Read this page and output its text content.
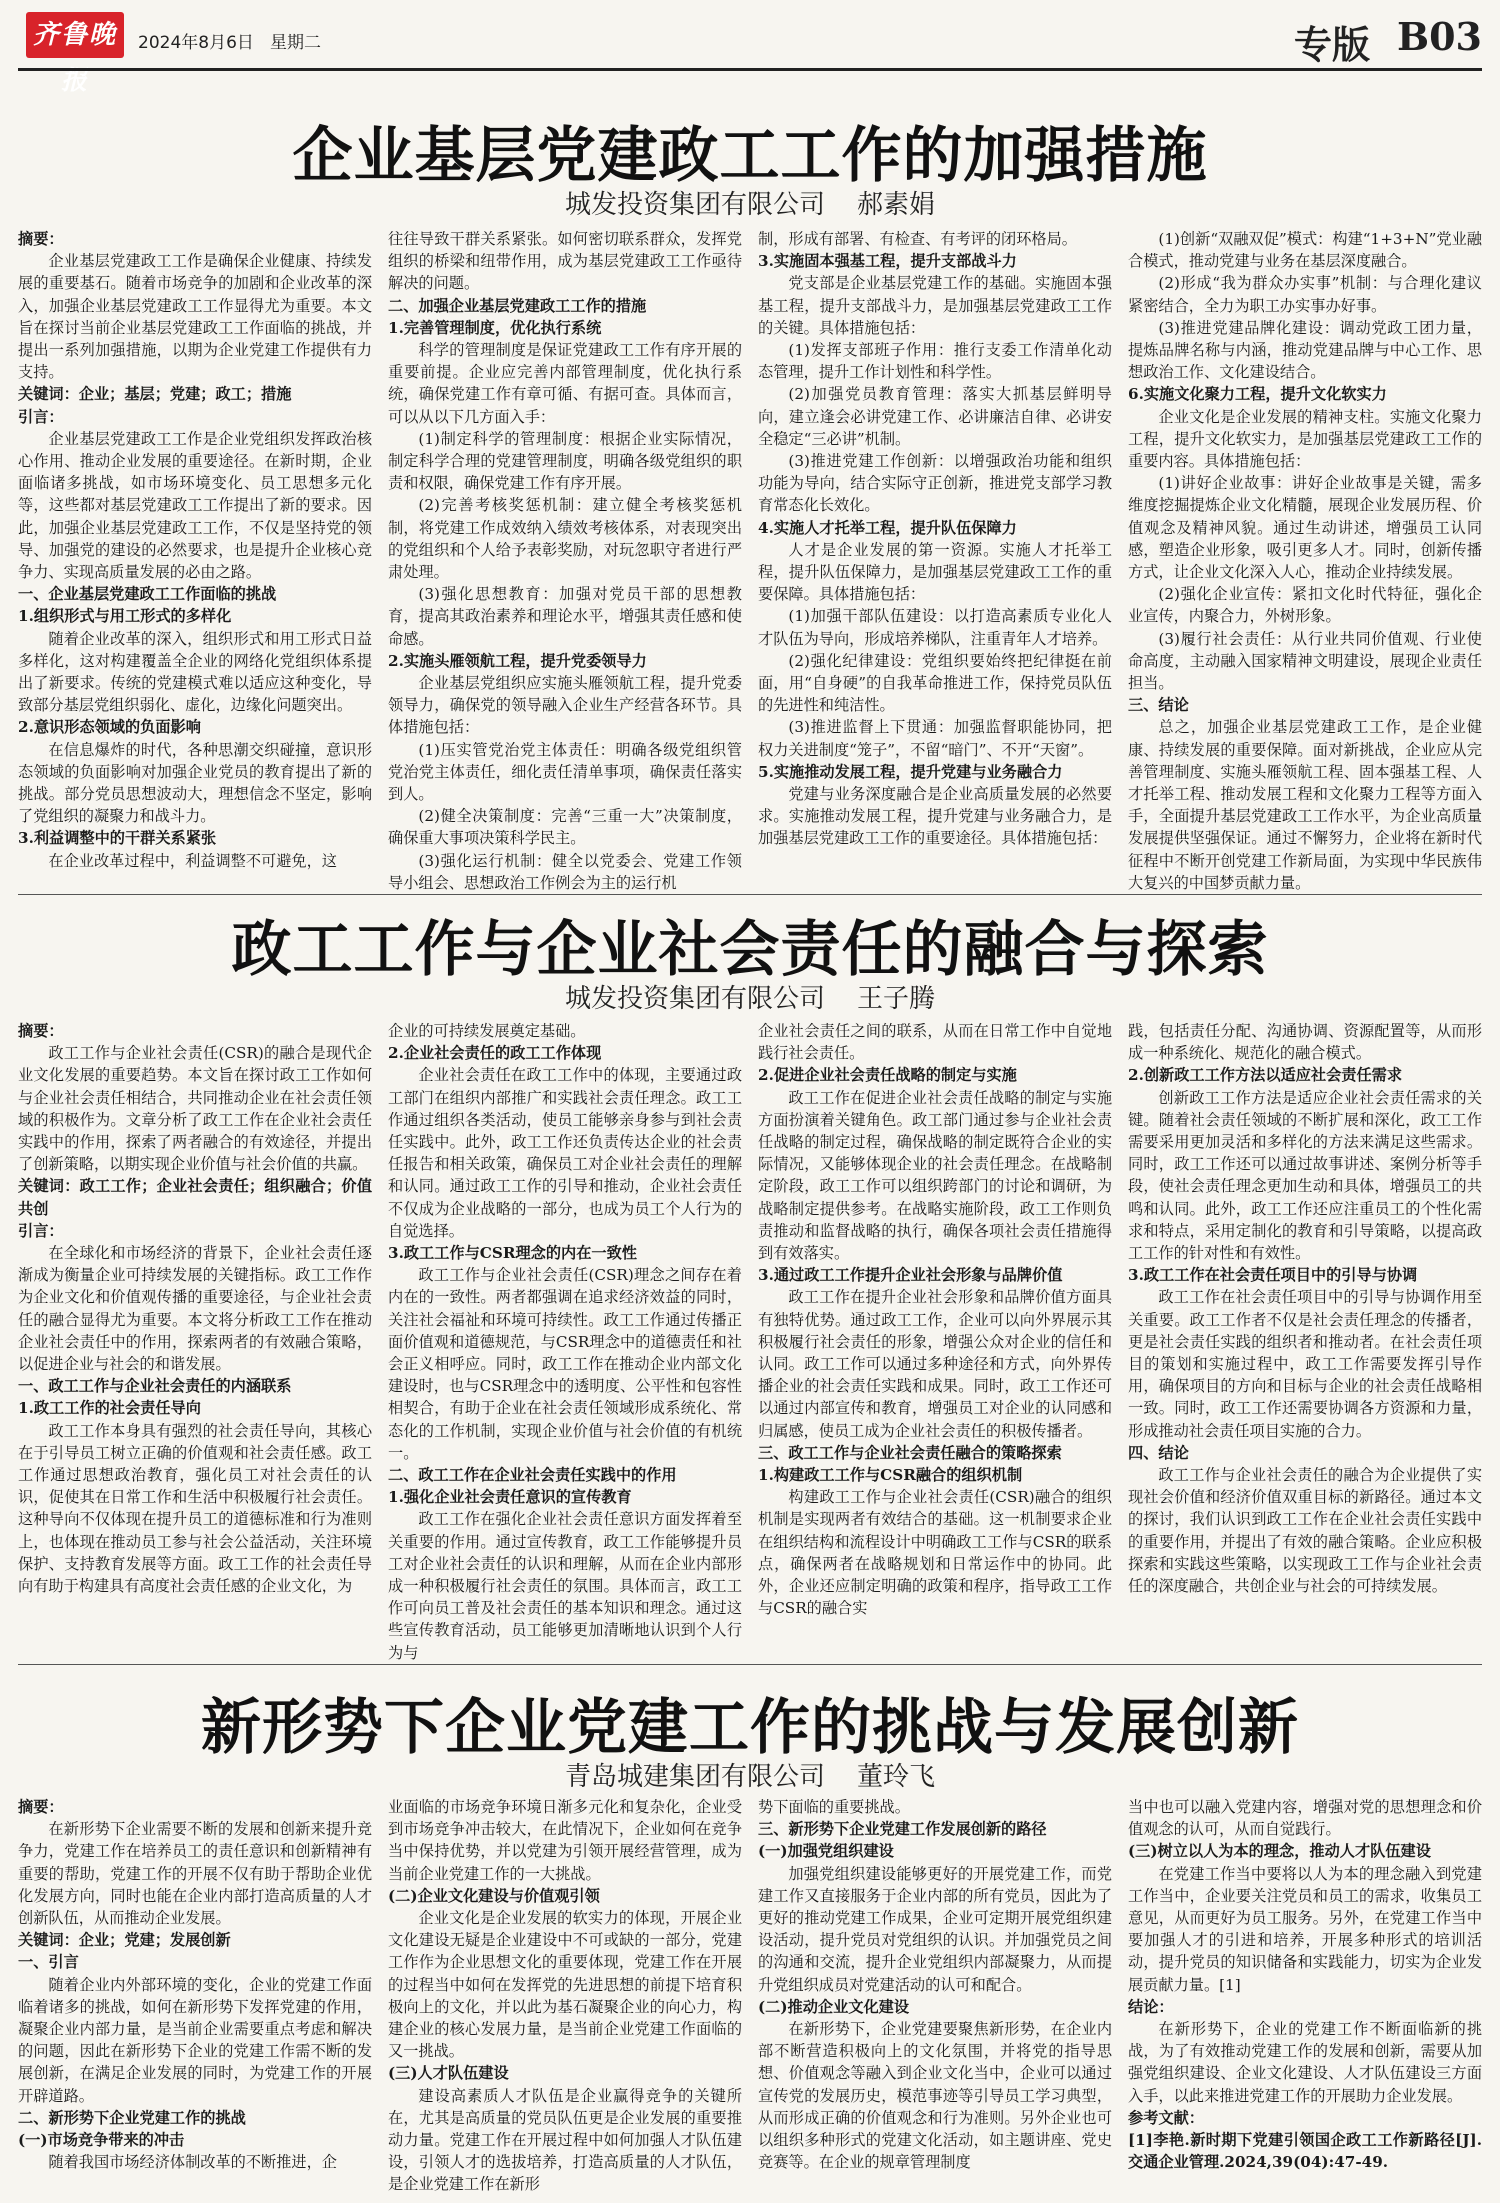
齐鲁晚报
2024年8月6日 星期二	专版 B03
企业基层党建政工工作的加强措施
城发投资集团有限公司 郝素娟

摘要：

企业基层党建政工工作是确保企业健康、持续发展的重要基石。随着市场竞争的加剧和企业改革的深入，加强企业基层党建政工工作显得尤为重要。本文旨在探讨当前企业基层党建政工工作面临的挑战，并提出一系列加强措施，以期为企业党建工作提供有力支持。

关键词：企业；基层；党建；政工；措施

引言：

企业基层党建政工工作是企业党组织发挥政治核心作用、推动企业发展的重要途径。在新时期，企业面临诸多挑战，如市场环境变化、员工思想多元化等，这些都对基层党建政工工作提出了新的要求。因此，加强企业基层党建政工工作，不仅是坚持党的领导、加强党的建设的必然要求，也是提升企业核心竞争力、实现高质量发展的必由之路。

一、企业基层党建政工工作面临的挑战

1.组织形式与用工形式的多样化

随着企业改革的深入，组织形式和用工形式日益多样化，这对构建覆盖全企业的网络化党组织体系提出了新要求。传统的党建模式难以适应这种变化，导致部分基层党组织弱化、虚化，边缘化问题突出。

2.意识形态领域的负面影响

在信息爆炸的时代，各种思潮交织碰撞，意识形态领域的负面影响对加强企业党员的教育提出了新的挑战。部分党员思想波动大，理想信念不坚定，影响了党组织的凝聚力和战斗力。

3.利益调整中的干群关系紧张

在企业改革过程中，利益调整不可避免，这

往往导致干群关系紧张。如何密切联系群众，发挥党组织的桥梁和纽带作用，成为基层党建政工工作亟待解决的问题。

二、加强企业基层党建政工工作的措施

1.完善管理制度，优化执行系统

科学的管理制度是保证党建政工工作有序开展的重要前提。企业应完善内部管理制度，优化执行系统，确保党建工作有章可循、有据可查。具体而言，可以从以下几方面入手：

(1)制定科学的管理制度：根据企业实际情况，制定科学合理的党建管理制度，明确各级党组织的职责和权限，确保党建工作有序开展。

(2)完善考核奖惩机制：建立健全考核奖惩机制，将党建工作成效纳入绩效考核体系，对表现突出的党组织和个人给予表彰奖励，对玩忽职守者进行严肃处理。

(3)强化思想教育：加强对党员干部的思想教育，提高其政治素养和理论水平，增强其责任感和使命感。

2.实施头雁领航工程，提升党委领导力

企业基层党组织应实施头雁领航工程，提升党委领导力，确保党的领导融入企业生产经营各环节。具体措施包括：

(1)压实管党治党主体责任：明确各级党组织管党治党主体责任，细化责任清单事项，确保责任落实到人。

(2)健全决策制度：完善“三重一大”决策制度，确保重大事项决策科学民主。

(3)强化运行机制：健全以党委会、党建工作领导小组会、思想政治工作例会为主的运行机

制，形成有部署、有检查、有考评的闭环格局。

3.实施固本强基工程，提升支部战斗力

党支部是企业基层党建工作的基础。实施固本强基工程，提升支部战斗力，是加强基层党建政工工作的关键。具体措施包括：

(1)发挥支部班子作用：推行支委工作清单化动态管理，提升工作计划性和科学性。

(2)加强党员教育管理：落实大抓基层鲜明导向，建立逢会必讲党建工作、必讲廉洁自律、必讲安全稳定“三必讲”机制。

(3)推进党建工作创新：以增强政治功能和组织功能为导向，结合实际守正创新，推进党支部学习教育常态化长效化。

4.实施人才托举工程，提升队伍保障力

人才是企业发展的第一资源。实施人才托举工程，提升队伍保障力，是加强基层党建政工工作的重要保障。具体措施包括：

(1)加强干部队伍建设：以打造高素质专业化人才队伍为导向，形成培养梯队，注重青年人才培养。

(2)强化纪律建设：党组织要始终把纪律挺在前面，用“自身硬”的自我革命推进工作，保持党员队伍的先进性和纯洁性。

(3)推进监督上下贯通：加强监督职能协同，把权力关进制度“笼子”，不留“暗门”、不开“天窗”。

5.实施推动发展工程，提升党建与业务融合力

党建与业务深度融合是企业高质量发展的必然要求。实施推动发展工程，提升党建与业务融合力，是加强基层党建政工工作的重要途径。具体措施包括：

(1)创新“双融双促”模式：构建“1+3+N”党业融合模式，推动党建与业务在基层深度融合。

(2)形成“我为群众办实事”机制：与合理化建议紧密结合，全力为职工办实事办好事。

(3)推进党建品牌化建设：调动党政工团力量，提炼品牌名称与内涵，推动党建品牌与中心工作、思想政治工作、文化建设结合。

6.实施文化聚力工程，提升文化软实力

企业文化是企业发展的精神支柱。实施文化聚力工程，提升文化软实力，是加强基层党建政工工作的重要内容。具体措施包括：

(1)讲好企业故事：讲好企业故事是关键，需多维度挖掘提炼企业文化精髓，展现企业发展历程、价值观念及精神风貌。通过生动讲述，增强员工认同感，塑造企业形象，吸引更多人才。同时，创新传播方式，让企业文化深入人心，推动企业持续发展。

(2)强化企业宣传：紧扣文化时代特征，强化企业宣传，内聚合力，外树形象。

(3)履行社会责任：从行业共同价值观、行业使命高度，主动融入国家精神文明建设，展现企业责任担当。

三、结论

总之，加强企业基层党建政工工作，是企业健康、持续发展的重要保障。面对新挑战，企业应从完善管理制度、实施头雁领航工程、固本强基工程、人才托举工程、推动发展工程和文化聚力工程等方面入手，全面提升基层党建政工工作水平，为企业高质量发展提供坚强保证。通过不懈努力，企业将在新时代征程中不断开创党建工作新局面，为实现中华民族伟大复兴的中国梦贡献力量。

政工工作与企业社会责任的融合与探索
城发投资集团有限公司 王子腾

摘要：

政工工作与企业社会责任(CSR)的融合是现代企业文化发展的重要趋势。本文旨在探讨政工工作如何与企业社会责任相结合，共同推动企业在社会责任领域的积极作为。文章分析了政工工作在企业社会责任实践中的作用，探索了两者融合的有效途径，并提出了创新策略，以期实现企业价值与社会价值的共赢。

关键词：政工工作；企业社会责任；组织融合；价值共创

引言：

在全球化和市场经济的背景下，企业社会责任逐渐成为衡量企业可持续发展的关键指标。政工工作作为企业文化和价值观传播的重要途径，与企业社会责任的融合显得尤为重要。本文将分析政工工作在推动企业社会责任中的作用，探索两者的有效融合策略，以促进企业与社会的和谐发展。

一、政工工作与企业社会责任的内涵联系

1.政工工作的社会责任导向

政工工作本身具有强烈的社会责任导向，其核心在于引导员工树立正确的价值观和社会责任感。政工工作通过思想政治教育，强化员工对社会责任的认识，促使其在日常工作和生活中积极履行社会责任。这种导向不仅体现在提升员工的道德标准和行为准则上，也体现在推动员工参与社会公益活动，关注环境保护、支持教育发展等方面。政工工作的社会责任导向有助于构建具有高度社会责任感的企业文化，为

企业的可持续发展奠定基础。

2.企业社会责任的政工工作体现

企业社会责任在政工工作中的体现，主要通过政工部门在组织内部推广和实践社会责任理念。政工工作通过组织各类活动，使员工能够亲身参与到社会责任实践中。此外，政工工作还负责传达企业的社会责任报告和相关政策，确保员工对企业社会责任的理解和认同。通过政工工作的引导和推动，企业社会责任不仅成为企业战略的一部分，也成为员工个人行为的自觉选择。

3.政工工作与CSR理念的内在一致性

政工工作与企业社会责任(CSR)理念之间存在着内在的一致性。两者都强调在追求经济效益的同时，关注社会福祉和环境可持续性。政工工作通过传播正面价值观和道德规范，与CSR理念中的道德责任和社会正义相呼应。同时，政工工作在推动企业内部文化建设时，也与CSR理念中的透明度、公平性和包容性相契合，有助于企业在社会责任领域形成系统化、常态化的工作机制，实现企业价值与社会价值的有机统一。

二、政工工作在企业社会责任实践中的作用

1.强化企业社会责任意识的宣传教育

政工工作在强化企业社会责任意识方面发挥着至关重要的作用。通过宣传教育，政工工作能够提升员工对企业社会责任的认识和理解，从而在企业内部形成一种积极履行社会责任的氛围。具体而言，政工工作可向员工普及社会责任的基本知识和理念。通过这些宣传教育活动，员工能够更加清晰地认识到个人行为与

企业社会责任之间的联系，从而在日常工作中自觉地践行社会责任。

2.促进企业社会责任战略的制定与实施

政工工作在促进企业社会责任战略的制定与实施方面扮演着关键角色。政工部门通过参与企业社会责任战略的制定过程，确保战略的制定既符合企业的实际情况，又能够体现企业的社会责任理念。在战略制定阶段，政工工作可以组织跨部门的讨论和调研，为战略制定提供参考。在战略实施阶段，政工工作则负责推动和监督战略的执行，确保各项社会责任措施得到有效落实。

3.通过政工工作提升企业社会形象与品牌价值

政工工作在提升企业社会形象和品牌价值方面具有独特优势。通过政工工作，企业可以向外界展示其积极履行社会责任的形象，增强公众对企业的信任和认同。政工工作可以通过多种途径和方式，向外界传播企业的社会责任实践和成果。同时，政工工作还可以通过内部宣传和教育，增强员工对企业的认同感和归属感，使员工成为企业社会责任的积极传播者。

三、政工工作与企业社会责任融合的策略探索

1.构建政工工作与CSR融合的组织机制

构建政工工作与企业社会责任(CSR)融合的组织机制是实现两者有效结合的基础。这一机制要求企业在组织结构和流程设计中明确政工工作与CSR的联系点，确保两者在战略规划和日常运作中的协同。此外，企业还应制定明确的政策和程序，指导政工工作与CSR的融合实

践，包括责任分配、沟通协调、资源配置等，从而形成一种系统化、规范化的融合模式。

2.创新政工工作方法以适应社会责任需求

创新政工工作方法是适应企业社会责任需求的关键。随着社会责任领域的不断扩展和深化，政工工作需要采用更加灵活和多样化的方法来满足这些需求。同时，政工工作还可以通过故事讲述、案例分析等手段，使社会责任理念更加生动和具体，增强员工的共鸣和认同。此外，政工工作还应注重员工的个性化需求和特点，采用定制化的教育和引导策略，以提高政工工作的针对性和有效性。

3.政工工作在社会责任项目中的引导与协调

政工工作在社会责任项目中的引导与协调作用至关重要。政工工作者不仅是社会责任理念的传播者，更是社会责任实践的组织者和推动者。在社会责任项目的策划和实施过程中，政工工作需要发挥引导作用，确保项目的方向和目标与企业的社会责任战略相一致。同时，政工工作还需要协调各方资源和力量，形成推动社会责任项目实施的合力。

四、结论

政工工作与企业社会责任的融合为企业提供了实现社会价值和经济价值双重目标的新路径。通过本文的探讨，我们认识到政工工作在企业社会责任实践中的重要作用，并提出了有效的融合策略。企业应积极探索和实践这些策略，以实现政工工作与企业社会责任的深度融合，共创企业与社会的可持续发展。

新形势下企业党建工作的挑战与发展创新
青岛城建集团有限公司 董玲飞

摘要：

在新形势下企业需要不断的发展和创新来提升竞争力，党建工作在培养员工的责任意识和创新精神有重要的帮助，党建工作的开展不仅有助于帮助企业优化发展方向，同时也能在企业内部打造高质量的人才创新队伍，从而推动企业发展。

关键词：企业；党建；发展创新

一、引言

随着企业内外部环境的变化，企业的党建工作面临着诸多的挑战，如何在新形势下发挥党建的作用，凝聚企业内部力量，是当前企业需要重点考虑和解决的问题，因此在新形势下企业的党建工作需不断的发展创新，在满足企业发展的同时，为党建工作的开展开辟道路。

二、新形势下企业党建工作的挑战

(一)市场竞争带来的冲击

随着我国市场经济体制改革的不断推进，企

业面临的市场竞争环境日渐多元化和复杂化，企业受到市场竞争冲击较大，在此情况下，企业如何在竞争当中保持优势，并以党建为引领开展经营管理，成为当前企业党建工作的一大挑战。

(二)企业文化建设与价值观引领

企业文化是企业发展的软实力的体现，开展企业文化建设无疑是企业建设中不可或缺的一部分，党建工作作为企业思想文化的重要体现，党建工作在开展的过程当中如何在发挥党的先进思想的前提下培育积极向上的文化，并以此为基石凝聚企业的向心力，构建企业的核心发展力量，是当前企业党建工作面临的又一挑战。

(三)人才队伍建设

建设高素质人才队伍是企业赢得竞争的关键所在，尤其是高质量的党员队伍更是企业发展的重要推动力量。党建工作在开展过程中如何加强人才队伍建设，引领人才的选拔培养，打造高质量的人才队伍，是企业党建工作在新形

势下面临的重要挑战。

三、新形势下企业党建工作发展创新的路径

(一)加强党组织建设

加强党组织建设能够更好的开展党建工作，而党建工作又直接服务于企业内部的所有党员，因此为了更好的推动党建工作成果，企业可定期开展党组织建设活动，提升党员对党组织的认识。并加强党员之间的沟通和交流，提升企业党组织内部凝聚力，从而提升党组织成员对党建活动的认可和配合。

(二)推动企业文化建设

在新形势下，企业党建要聚焦新形势，在企业内部不断营造积极向上的文化氛围，并将党的指导思想、价值观念等融入到企业文化当中，企业可以通过宣传党的发展历史，模范事迹等引导员工学习典型，从而形成正确的价值观念和行为准则。另外企业也可以组织多种形式的党建文化活动，如主题讲座、党史竞赛等。在企业的规章管理制度

当中也可以融入党建内容，增强对党的思想理念和价值观念的认可，从而自觉践行。

(三)树立以人为本的理念，推动人才队伍建设

在党建工作当中要将以人为本的理念融入到党建工作当中，企业要关注党员和员工的需求，收集员工意见，从而更好为员工服务。另外，在党建工作当中要加强人才的引进和培养，开展多种形式的培训活动，提升党员的知识储备和实践能力，切实为企业发展贡献力量。[1]

结论：

在新形势下，企业的党建工作不断面临新的挑战，为了有效推动党建工作的发展和创新，需要从加强党组织建设、企业文化建设、人才队伍建设三方面入手，以此来推进党建工作的开展助力企业发展。

参考文献：

[1]李艳.新时期下党建引领国企政工工作新路径[J].交通企业管理.2024,39(04):47-49.
